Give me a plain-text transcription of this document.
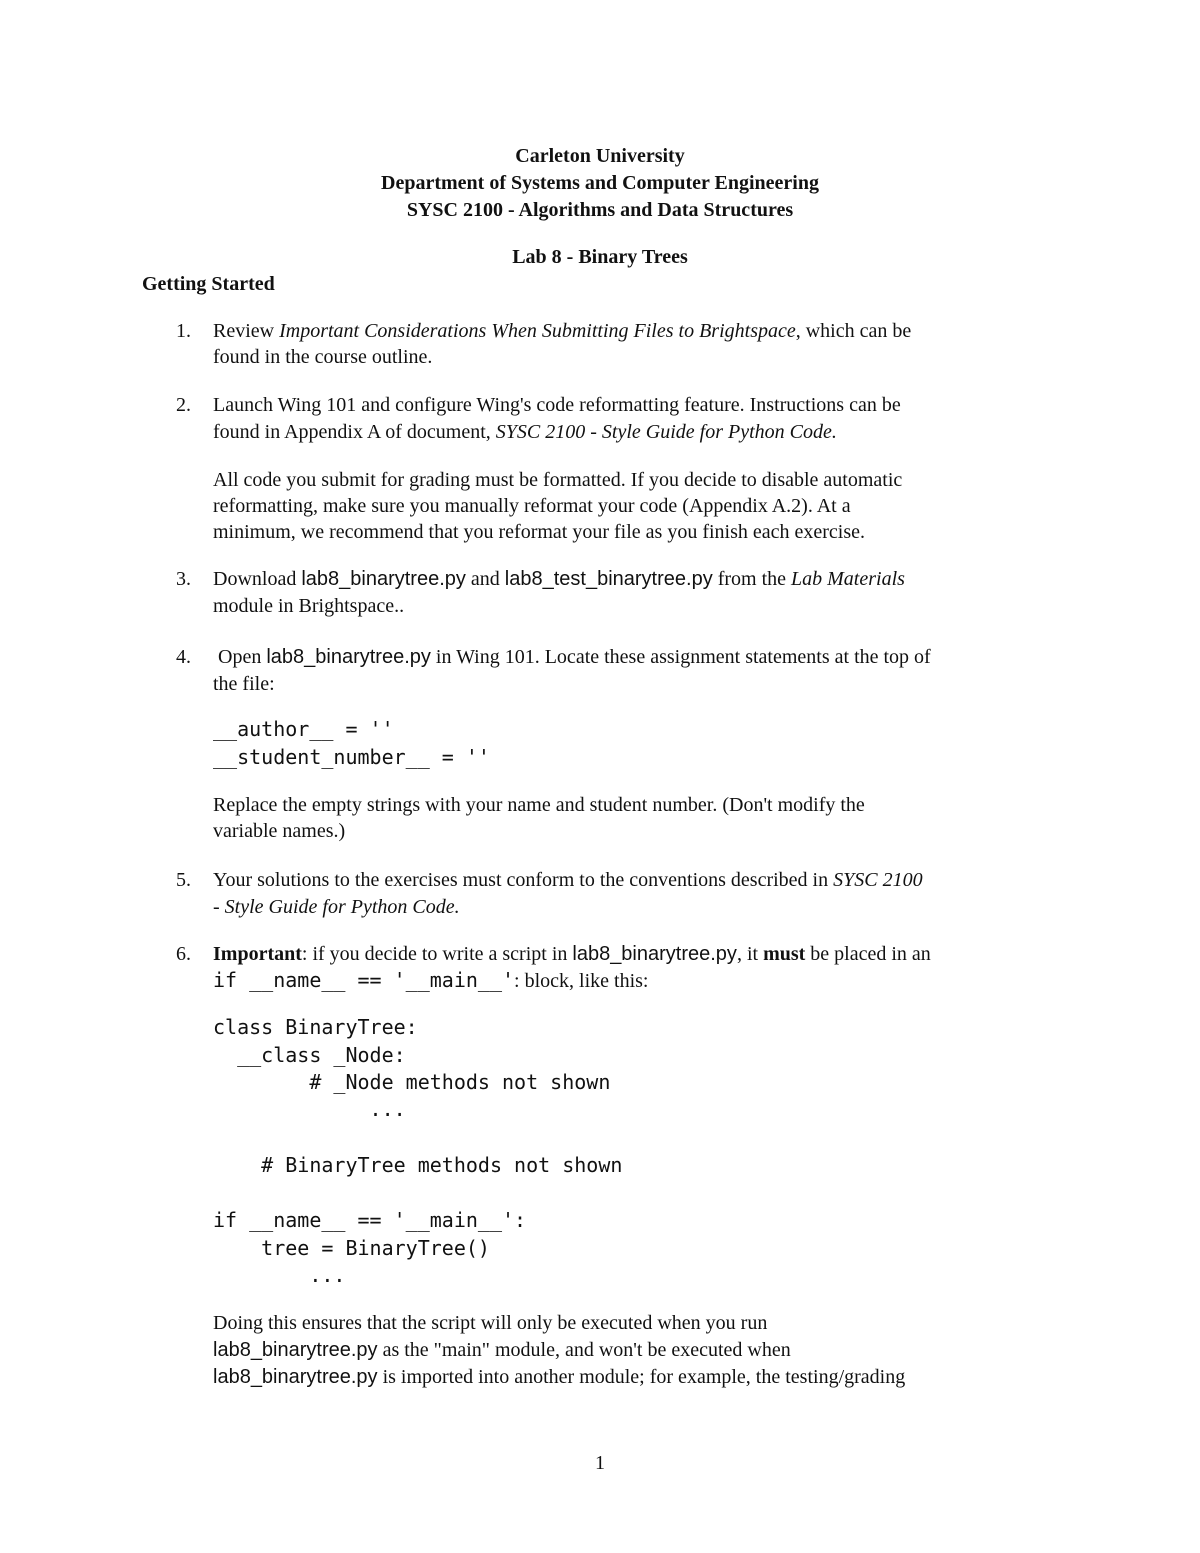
Carleton University
Department of Systems and Computer Engineering
SYSC 2100 - Algorithms and Data Structures
Lab 8 - Binary Trees
Getting Started
1. Review Important Considerations When Submitting Files to Brightspace, which can be
found in the course outline.
2. Launch Wing 101 and configure Wing's code reformatting feature. Instructions can be
found in Appendix A of document, SYSC 2100 - Style Guide for Python Code.
All code you submit for grading must be formatted. If you decide to disable automatic
reformatting, make sure you manually reformat your code (Appendix A.2). At a
minimum, we recommend that you reformat your file as you finish each exercise.
3. Download lab8_binarytree.py and lab8_test_binarytree.py from the Lab Materials
module in Brightspace..
4. Open lab8_binarytree.py in Wing 101. Locate these assignment statements at the top of
the file:
__author__ = ''
__student_number__ = ''
Replace the empty strings with your name and student number. (Don't modify the
variable names.)
5. Your solutions to the exercises must conform to the conventions described in SYSC 2100
- Style Guide for Python Code.
6. Important: if you decide to write a script in lab8_binarytree.py, it must be placed in an
if __name__ == '__main__': block, like this:
class BinaryTree:
__class _Node:
# _Node methods not shown
...
# BinaryTree methods not shown
if __name__ == '__main__':
tree = BinaryTree()
...
Doing this ensures that the script will only be executed when you run
lab8_binarytree.py as the "main" module, and won't be executed when
lab8_binarytree.py is imported into another module; for example, the testing/grading
1
